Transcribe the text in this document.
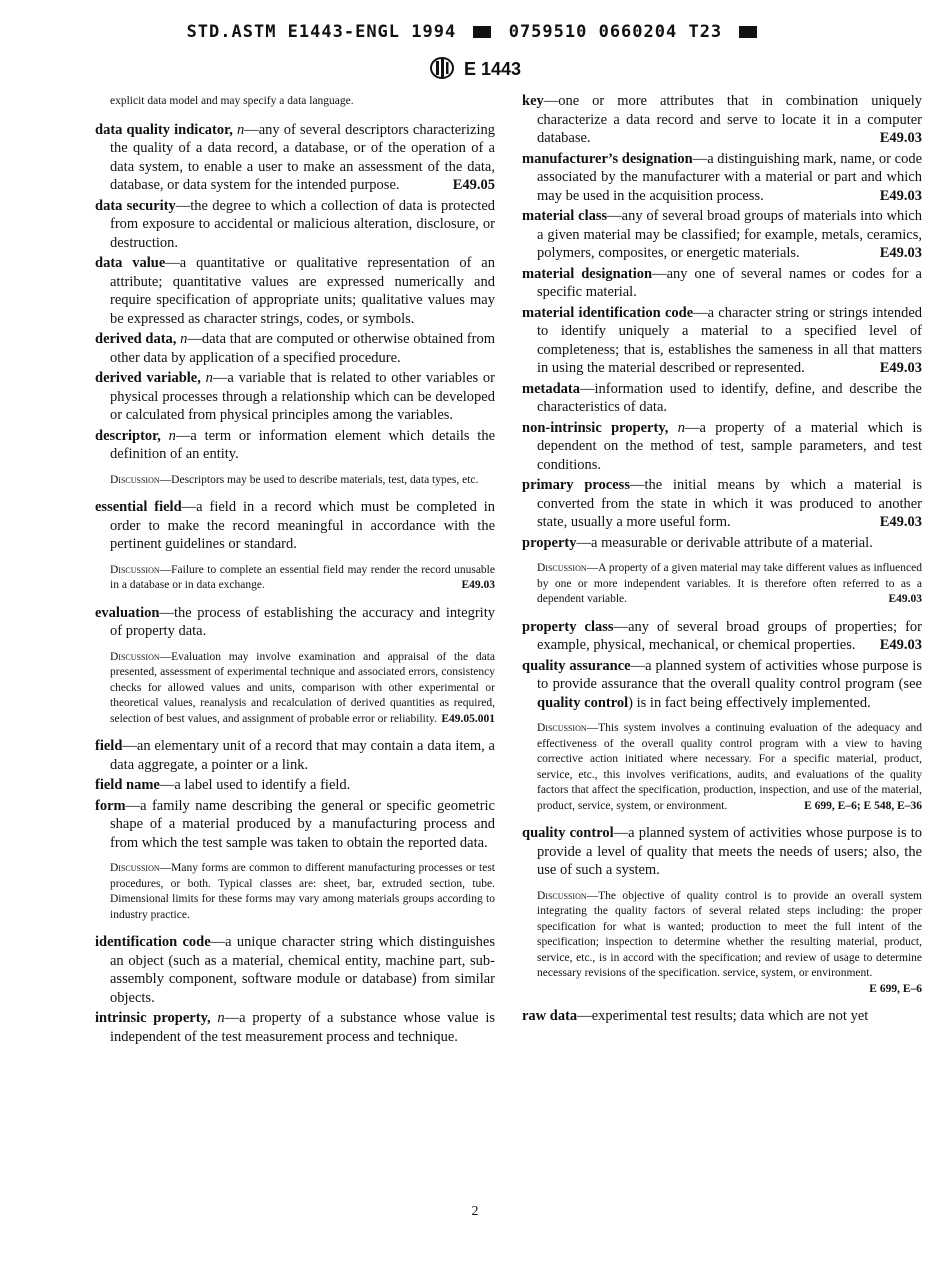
STD.ASTM E1443-ENGL 1994	0759510 0660204 T23
E 1443

explicit data model and may specify a data language.

data quality indicator, n—any of several descriptors characterizing the quality of a data record, a database, or of the operation of a data system, to enable a user to make an assessment of the data, database, or data system for the intended purpose.	E49.05

data security—the degree to which a collection of data is protected from exposure to accidental or malicious alteration, disclosure, or destruction.

data value—a quantitative or qualitative representation of an attribute; quantitative values are expressed numerically and require specification of appropriate units; qualitative values may be expressed as character strings, codes, or symbols.

derived data, n—data that are computed or otherwise obtained from other data by application of a specified procedure.

derived variable, n—a variable that is related to other variables or physical processes through a relationship which can be developed or calculated from physical principles among the variables.

descriptor, n—a term or information element which details the definition of an entity.

Discussion—Descriptors may be used to describe materials, test, data types, etc.

essential field—a field in a record which must be completed in order to make the record meaningful in accordance with the pertinent guidelines or standard.

Discussion—Failure to complete an essential field may render the record unusable in a database or in data exchange.	E49.03

evaluation—the process of establishing the accuracy and integrity of property data.

Discussion—Evaluation may involve examination and appraisal of the data presented, assessment of experimental technique and associated errors, consistency checks for allowed values and units, comparison with other experimental or theoretical values, reanalysis and recalculation of derived quantities as required, selection of best values, and assignment of probable error or reliability. E49.05.001

field—an elementary unit of a record that may contain a data item, a data aggregate, a pointer or a link.

field name—a label used to identify a field.

form—a family name describing the general or specific geometric shape of a material produced by a manufacturing process and from which the test sample was taken to obtain the reported data.

Discussion—Many forms are common to different manufacturing processes or test procedures, or both. Typical classes are: sheet, bar, extruded section, tube. Dimensional limits for these forms may vary among materials groups according to industry practice.

identification code—a unique character string which distinguishes an object (such as a material, chemical entity, machine part, sub-assembly component, software module or database) from similar objects.

intrinsic property, n—a property of a substance whose value is independent of the test measurement process and technique.

key—one or more attributes that in combination uniquely characterize a data record and serve to locate it in a computer database.	E49.03

manufacturer’s designation—a distinguishing mark, name, or code associated by the manufacturer with a material or part and which may be used in the acquisition process.	E49.03

material class—any of several broad groups of materials into which a given material may be classified; for example, metals, ceramics, polymers, composites, or energetic materials.	E49.03

material designation—any one of several names or codes for a specific material.

material identification code—a character string or strings intended to identify uniquely a material to a specified level of completeness; that is, establishes the sameness in all that matters in using the material described or represented.	E49.03

metadata—information used to identify, define, and describe the characteristics of data.

non-intrinsic property, n—a property of a material which is dependent on the method of test, sample parameters, and test conditions.

primary process—the initial means by which a material is converted from the state in which it was produced to another state, usually a more useful form.	E49.03

property—a measurable or derivable attribute of a material.

Discussion—A property of a given material may take different values as influenced by one or more independent variables. It is therefore often referred to as a dependent variable.	E49.03

property class—any of several broad groups of properties; for example, physical, mechanical, or chemical properties. E49.03

quality assurance—a planned system of activities whose purpose is to provide assurance that the overall quality control program (see quality control) is in fact being effectively implemented.

Discussion—This system involves a continuing evaluation of the adequacy and effectiveness of the overall quality control program with a view to having corrective action initiated where necessary. For a specific material, product, service, etc., this involves verifications, audits, and evaluations of the quality factors that affect the specification, production, inspection, and use of the material, product, service, system, or environment.	E 699, E–6; E 548, E–36

quality control—a planned system of activities whose purpose is to provide a level of quality that meets the needs of users; also, the use of such a system.

Discussion—The objective of quality control is to provide an overall system integrating the quality factors of several related steps including: the proper specification for what is wanted; production to meet the full intent of the specification; inspection to determine whether the resulting material, product, service, etc., is in accord with the specification; and review of usage to determine necessary revisions of the specification. service, system, or environment.
E 699, E–6

raw data—experimental test results; data which are not yet

2
